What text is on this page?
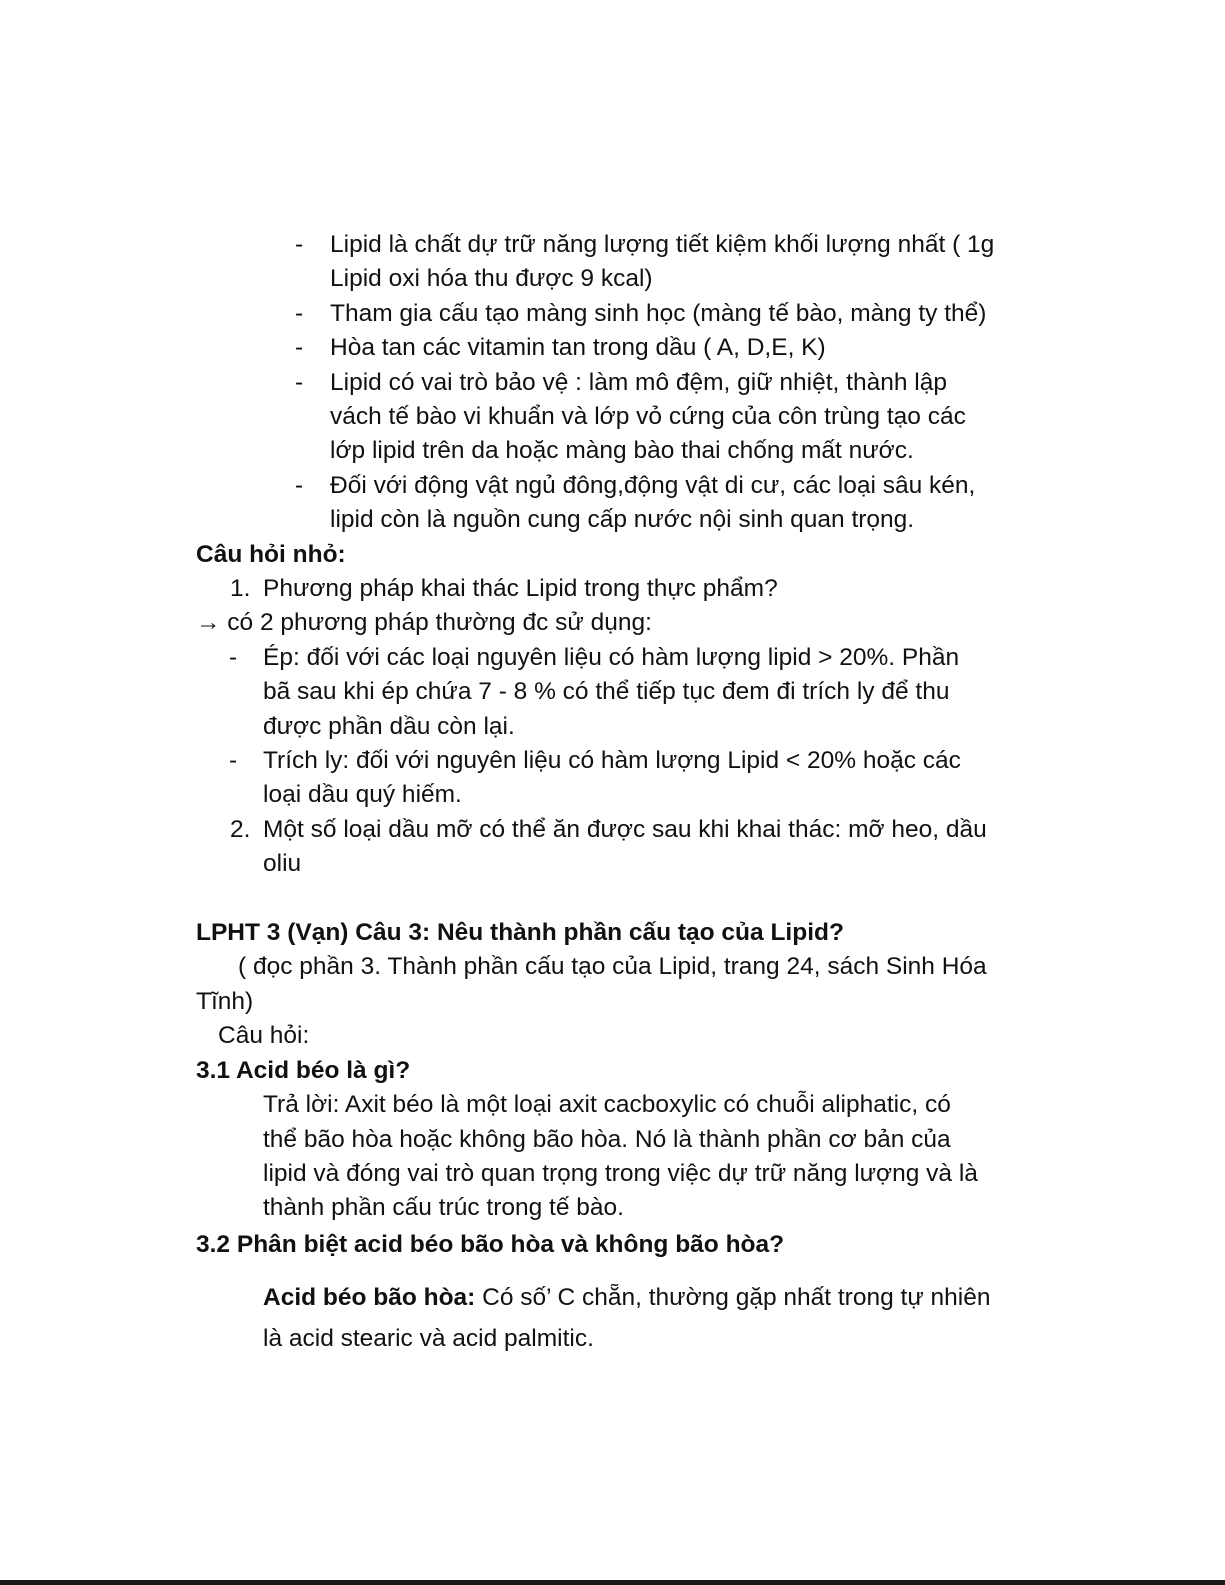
- Lipid là chất dự trữ năng lượng tiết kiệm khối lượng nhất ( 1g

Lipid oxi hóa thu được 9 kcal)

- Tham gia cấu tạo màng sinh học (màng tế bào, màng ty thể)

- Hòa tan các vitamin tan trong dầu ( A, D,E, K)

- Lipid có vai trò bảo vệ : làm mô đệm, giữ nhiệt, thành lập

vách tế bào vi khuẩn và lớp vỏ cứng của côn trùng tạo các

lớp lipid trên da hoặc màng bào thai chống mất nước.

- Đối với động vật ngủ đông,động vật di cư, các loại sâu kén,

lipid còn là nguồn cung cấp nước nội sinh quan trọng.

Câu hỏi nhỏ:

1. Phương pháp khai thác Lipid trong thực phẩm?

→ có 2 phương pháp thường đc sử dụng:

- Ép: đối với các loại nguyên liệu có hàm lượng lipid > 20%. Phần

bã sau khi ép chứa 7 - 8 % có thể tiếp tục đem đi trích ly để thu

được phần dầu còn lại.

- Trích ly: đối với nguyên liệu có hàm lượng Lipid < 20% hoặc các

loại dầu quý hiếm.

2. Một số loại dầu mỡ có thể ăn được sau khi khai thác: mỡ heo, dầu

oliu

LPHT 3 (Vạn) Câu 3: Nêu thành phần cấu tạo của Lipid?

( đọc phần 3. Thành phần cấu tạo của Lipid, trang 24, sách Sinh Hóa

Tĩnh)

Câu hỏi:

3.1 Acid béo là gì?

Trả lời: Axit béo là một loại axit cacboxylic có chuỗi aliphatic, có

thể bão hòa hoặc không bão hòa. Nó là thành phần cơ bản của

lipid và đóng vai trò quan trọng trong việc dự trữ năng lượng và là

thành phần cấu trúc trong tế bào.

3.2 Phân biệt acid béo bão hòa và không bão hòa?

Acid béo bão hòa: Có số’ C chẵn, thường gặp nhất trong tự nhiên

là acid stearic và acid palmitic.
